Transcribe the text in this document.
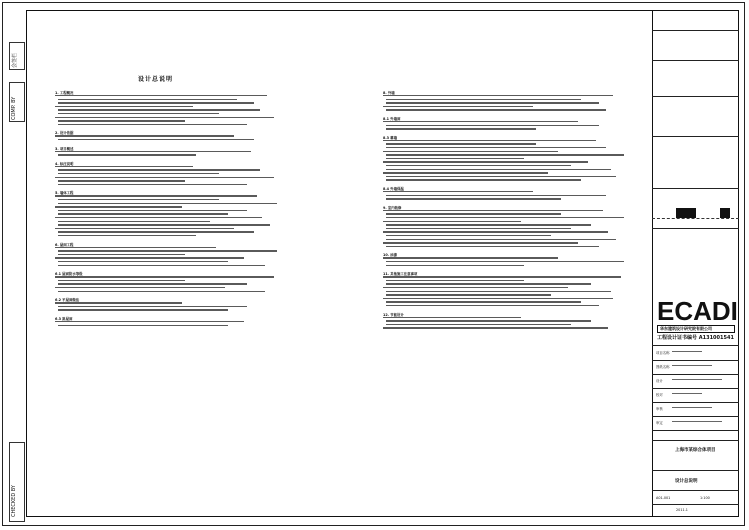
会签栏
COMP. BY
CHECKED BY
设计总说明
1. 工程概况
2. 设计依据
3. 项目概述
4. 标注说明
5. 墙体工程
6. 屋面工程
6.1 屋面防水等级
6.2 平屋面做法
6.3 斜屋面
8. 外墙
8.1 外墙面
8.3 幕墙
8.4 外墙保温
9. 室内装修
10. 油漆
11. 其他施工注意事项
12. 节能设计	ECADI
华东建筑设计研究院有限公司
工程设计证书编号 A131001541
项目名称
图纸名称
设计
校对
审核
审定
上海市某综合体项目
设计总说明
A01-001	1:100
2011.1
